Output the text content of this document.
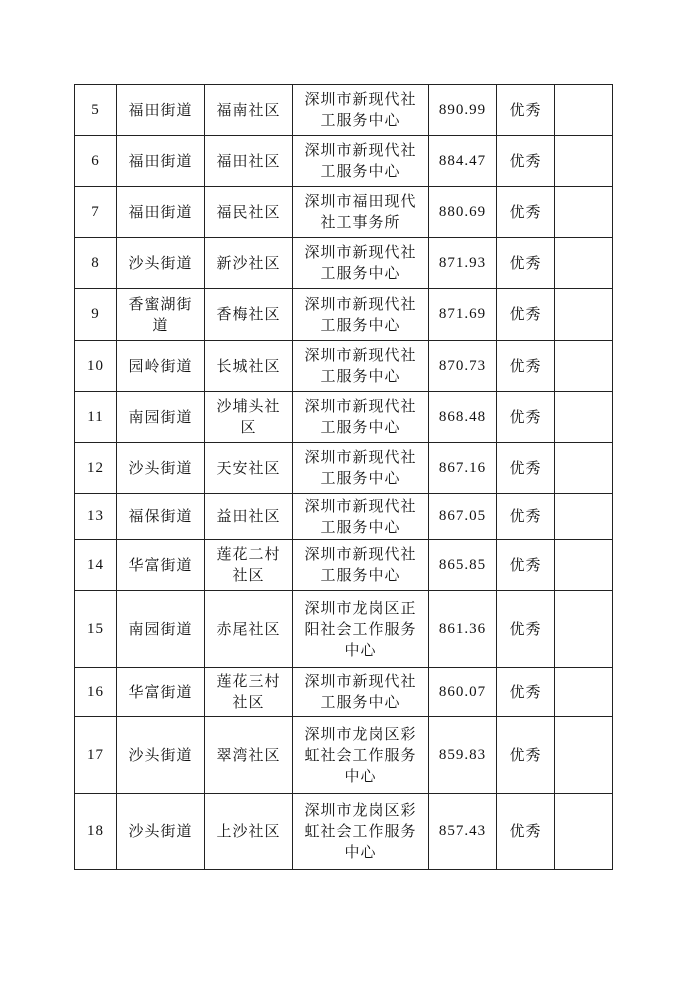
5	福田街道	福南社区	深圳市新现代社工服务中心	890.99	优秀	
6	福田街道	福田社区	深圳市新现代社工服务中心	884.47	优秀	
7	福田街道	福民社区	深圳市福田现代社工事务所	880.69	优秀	
8	沙头街道	新沙社区	深圳市新现代社工服务中心	871.93	优秀	
9	香蜜湖街道	香梅社区	深圳市新现代社工服务中心	871.69	优秀	
10	园岭街道	长城社区	深圳市新现代社工服务中心	870.73	优秀	
11	南园街道	沙埔头社区	深圳市新现代社工服务中心	868.48	优秀	
12	沙头街道	天安社区	深圳市新现代社工服务中心	867.16	优秀	
13	福保街道	益田社区	深圳市新现代社工服务中心	867.05	优秀	
14	华富街道	莲花二村社区	深圳市新现代社工服务中心	865.85	优秀	
15	南园街道	赤尾社区	深圳市龙岗区正阳社会工作服务中心	861.36	优秀	
16	华富街道	莲花三村社区	深圳市新现代社工服务中心	860.07	优秀	
17	沙头街道	翠湾社区	深圳市龙岗区彩虹社会工作服务中心	859.83	优秀	
18	沙头街道	上沙社区	深圳市龙岗区彩虹社会工作服务中心	857.43	优秀	
